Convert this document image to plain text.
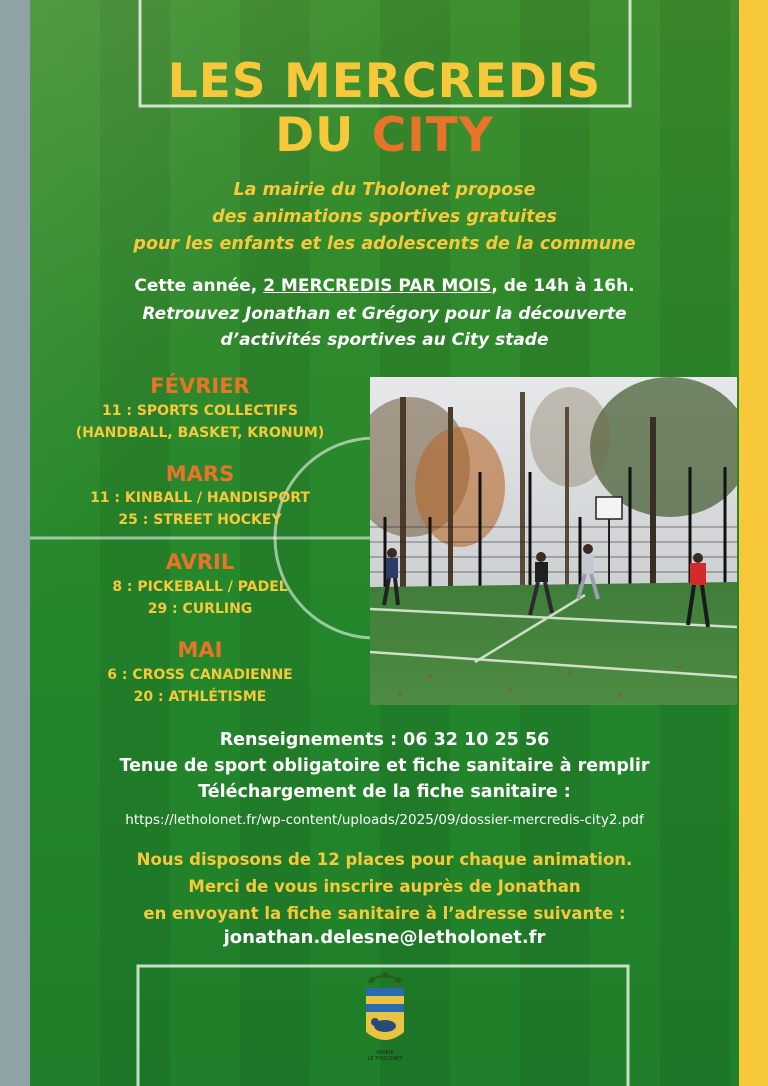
LES MERCREDIS
DU CITY
La mairie du Tholonet propose
des animations sportives gratuites
pour les enfants et les adolescents de la commune
Cette année, 2 MERCREDIS PAR MOIS, de 14h à 16h.
Retrouvez Jonathan et Grégory pour la découverte
d’activités sportives au City stade
FÉVRIER
11 : SPORTS COLLECTIFS
(HANDBALL, BASKET, KRONUM)
MARS
11 : KINBALL / HANDISPORT
25 : STREET HOCKEY
AVRIL
8 : PICKEBALL / PADEL
29 : CURLING
MAI
6 : CROSS CANADIENNE
20 : ATHLÉTISME
Renseignements : 06 32 10 25 56
Tenue de sport obligatoire et fiche sanitaire à remplir
Téléchargement de la fiche sanitaire :
https://letholonet.fr/wp-content/uploads/2025/09/dossier-mercredis-city2.pdf
Nous disposons de 12 places pour chaque animation.
Merci de vous inscrire auprès de Jonathan
en envoyant la fiche sanitaire à l’adresse suivante :
jonathan.delesne@letholonet.fr
MAIRIE
LE THOLONET
